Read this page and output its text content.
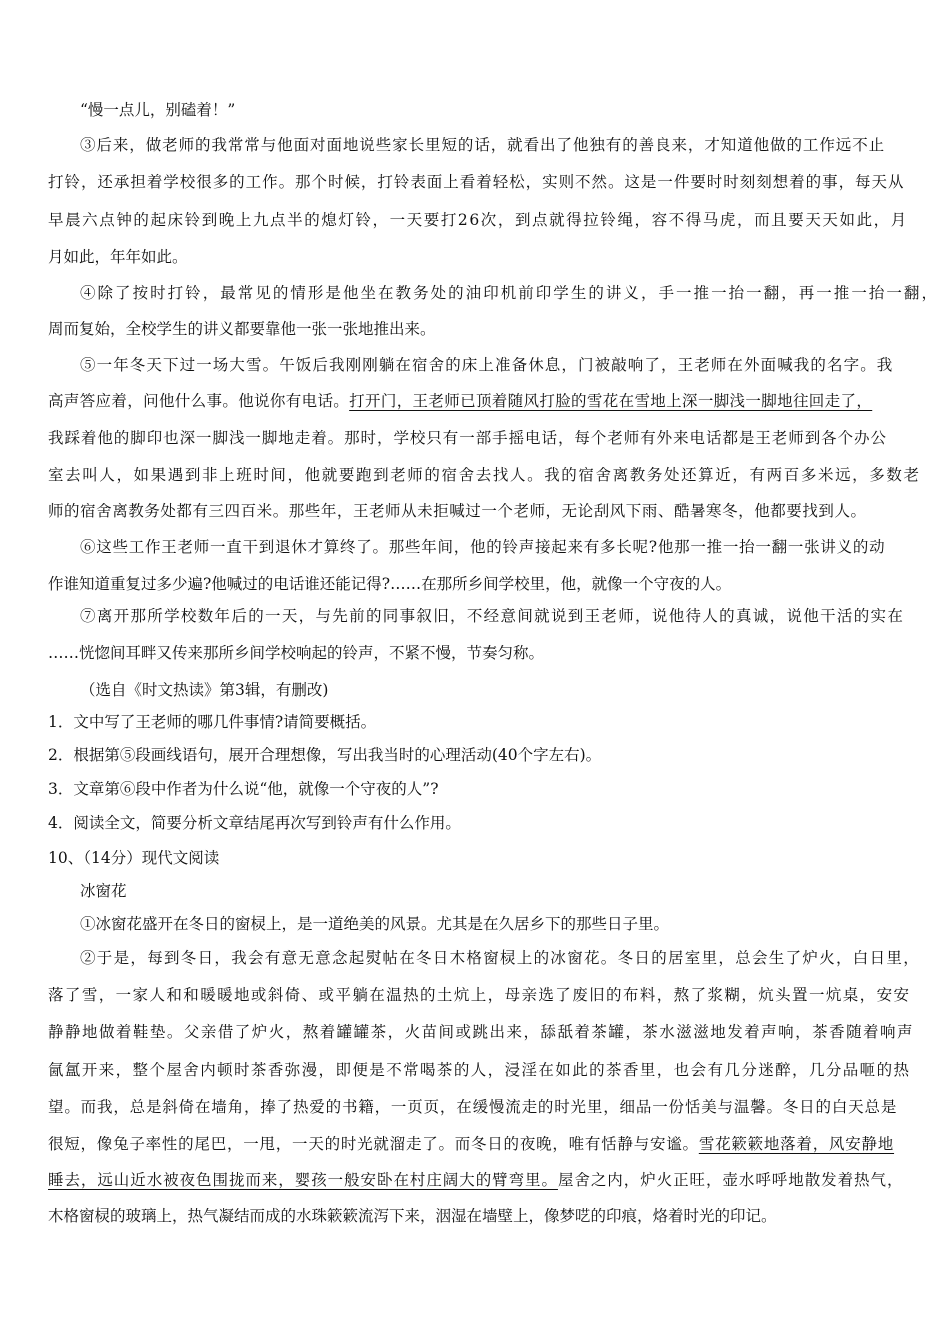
“慢一点儿，别磕着！”
③后来，做老师的我常常与他面对面地说些家长里短的话，就看出了他独有的善良来，才知道他做的工作远不止
打铃，还承担着学校很多的工作。那个时候，打铃表面上看着轻松，实则不然。这是一件要时时刻刻想着的事，每天从
早晨六点钟的起床铃到晚上九点半的熄灯铃，一天要打26次，到点就得拉铃绳，容不得马虎，而且要天天如此，月
月如此，年年如此。
④除了按时打铃，最常见的情形是他坐在教务处的油印机前印学生的讲义，手一推一抬一翻，再一推一抬一翻，
周而复始，全校学生的讲义都要靠他一张一张地推出来。
⑤一年冬天下过一场大雪。午饭后我刚刚躺在宿舍的床上准备休息，门被敲响了，王老师在外面喊我的名字。我
高声答应着，问他什么事。他说你有电话。打开门，王老师已顶着随风打脸的雪花在雪地上深一脚浅一脚地往回走了，
我踩着他的脚印也深一脚浅一脚地走着。那时，学校只有一部手摇电话，每个老师有外来电话都是王老师到各个办公
室去叫人，如果遇到非上班时间，他就要跑到老师的宿舍去找人。我的宿舍离教务处还算近，有两百多米远，多数老
师的宿舍离教务处都有三四百米。那些年，王老师从未拒喊过一个老师，无论刮风下雨、酷暑寒冬，他都要找到人。
⑥这些工作王老师一直干到退休才算终了。那些年间，他的铃声接起来有多长呢?他那一推一抬一翻一张讲义的动
作谁知道重复过多少遍?他喊过的电话谁还能记得?……在那所乡间学校里，他，就像一个守夜的人。
⑦离开那所学校数年后的一天，与先前的同事叙旧，不经意间就说到王老师，说他待人的真诚，说他干活的实在
……恍惚间耳畔又传来那所乡间学校响起的铃声，不紧不慢，节奏匀称。
（选自《时文热读》第3辑，有删改)
1．文中写了王老师的哪几件事情?请简要概括。
2．根据第⑤段画线语句，展开合理想像，写出我当时的心理活动(40个字左右)。
3．文章第⑥段中作者为什么说“他，就像一个守夜的人”?
4．阅读全文，简要分析文章结尾再次写到铃声有什么作用。
10、（14分）现代文阅读
冰窗花
①冰窗花盛开在冬日的窗棂上，是一道绝美的风景。尤其是在久居乡下的那些日子里。
②于是，每到冬日，我会有意无意念起熨帖在冬日木格窗棂上的冰窗花。冬日的居室里，总会生了炉火，白日里，
落了雪，一家人和和暖暖地或斜倚、或平躺在温热的土炕上，母亲选了废旧的布料，熬了浆糊，炕头置一炕桌，安安
静静地做着鞋垫。父亲借了炉火，熬着罐罐茶，火苗间或跳出来，舔舐着茶罐，茶水滋滋地发着声响，茶香随着响声
氤氲开来，整个屋舍内顿时茶香弥漫，即便是不常喝茶的人，浸淫在如此的茶香里，也会有几分迷醉，几分品咂的热
望。而我，总是斜倚在墙角，捧了热爱的书籍，一页页，在缓慢流走的时光里，细品一份恬美与温馨。冬日的白天总是
很短，像兔子率性的尾巴，一甩，一天的时光就溜走了。而冬日的夜晚，唯有恬静与安谧。雪花簌簌地落着，风安静地
睡去，远山近水被夜色围拢而来，婴孩一般安卧在村庄阔大的臂弯里。屋舍之内，炉火正旺，壶水呼呼地散发着热气，
木格窗棂的玻璃上，热气凝结而成的水珠簌簌流泻下来，洇湿在墙壁上，像梦呓的印痕，烙着时光的印记。
